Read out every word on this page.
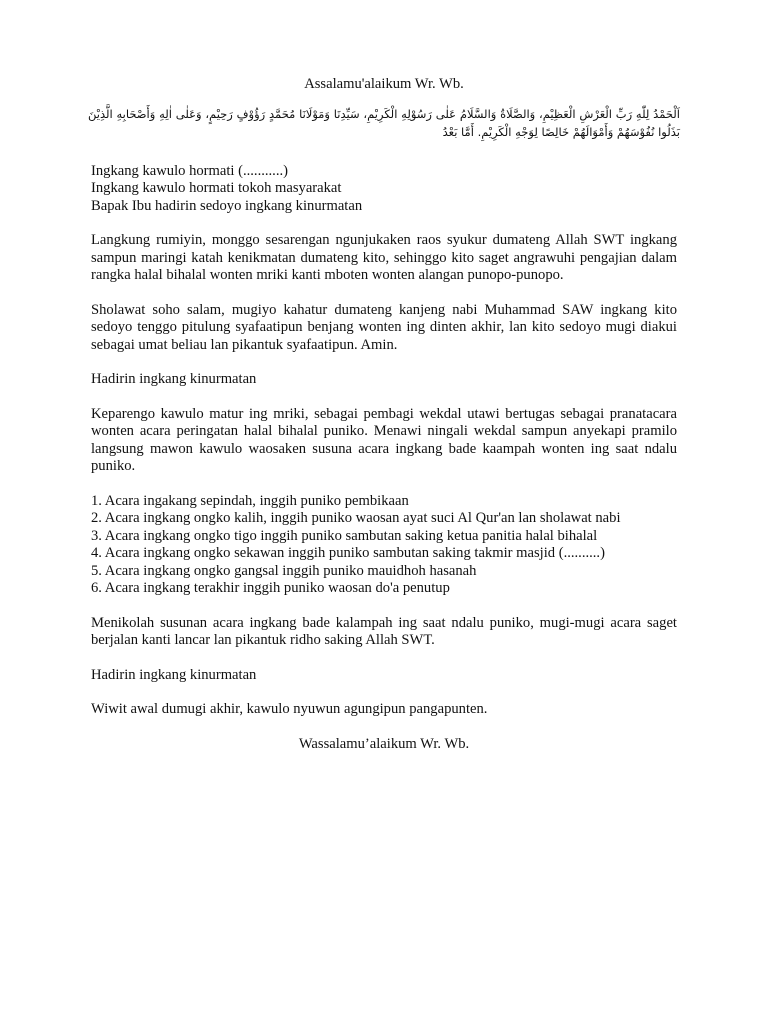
Assalamu'alaikum Wr. Wb.

اَلْحَمْدُ لِلّٰهِ رَبِّ الْعَرْشِ الْعَظِيْمِ، وَالصَّلَاةُ وَالسَّلَامُ عَلٰى رَسُوْلِهِ الْكَرِيْمِ، سَيِّدِنَا وَمَوْلَانَا مُحَمَّدٍ رَؤُوْفٍ رَحِيْمٍ، وَعَلٰى اٰلِهِ وَأَصْحَابِهِ الَّذِيْنَ بَذَلُوا نُفُوْسَهُمْ وَأَمْوَالَهُمْ خَالِصًا لِوَجْهِ الْكَرِيْمِ. أَمَّا بَعْدُ

Ingkang kawulo hormati (...........)

Ingkang kawulo hormati tokoh masyarakat

Bapak Ibu hadirin sedoyo ingkang kinurmatan

Langkung rumiyin, monggo sesarengan ngunjukaken raos syukur dumateng Allah SWT ingkang sampun maringi katah kenikmatan dumateng kito, sehinggo kito saget angrawuhi pengajian dalam rangka halal bihalal wonten mriki kanti mboten wonten alangan punopo-punopo.

Sholawat soho salam, mugiyo kahatur dumateng kanjeng nabi Muhammad SAW ingkang kito sedoyo tenggo pitulung syafaatipun benjang wonten ing dinten akhir, lan kito sedoyo mugi diakui sebagai umat beliau lan pikantuk syafaatipun. Amin.

Hadirin ingkang kinurmatan

Keparengo kawulo matur ing mriki, sebagai pembagi wekdal utawi bertugas sebagai pranatacara wonten acara peringatan halal bihalal puniko. Menawi ningali wekdal sampun anyekapi pramilo langsung mawon kawulo waosaken susuna acara ingkang bade kaampah wonten ing saat ndalu puniko.

1. Acara ingakang sepindah, inggih puniko pembikaan

2. Acara ingkang ongko kalih, inggih puniko waosan ayat suci Al Qur'an lan sholawat nabi

3. Acara ingkang ongko tigo inggih puniko sambutan saking ketua panitia halal bihalal

4. Acara ingkang ongko sekawan inggih puniko sambutan saking takmir masjid (..........)

5. Acara ingkang ongko gangsal inggih puniko mauidhoh hasanah

6. Acara ingkang terakhir inggih puniko waosan do'a penutup

Menikolah susunan acara ingkang bade kalampah ing saat ndalu puniko, mugi-mugi acara saget berjalan kanti lancar lan pikantuk ridho saking Allah SWT.

Hadirin ingkang kinurmatan

Wiwit awal dumugi akhir, kawulo nyuwun agungipun pangapunten.

Wassalamu’alaikum Wr. Wb.
